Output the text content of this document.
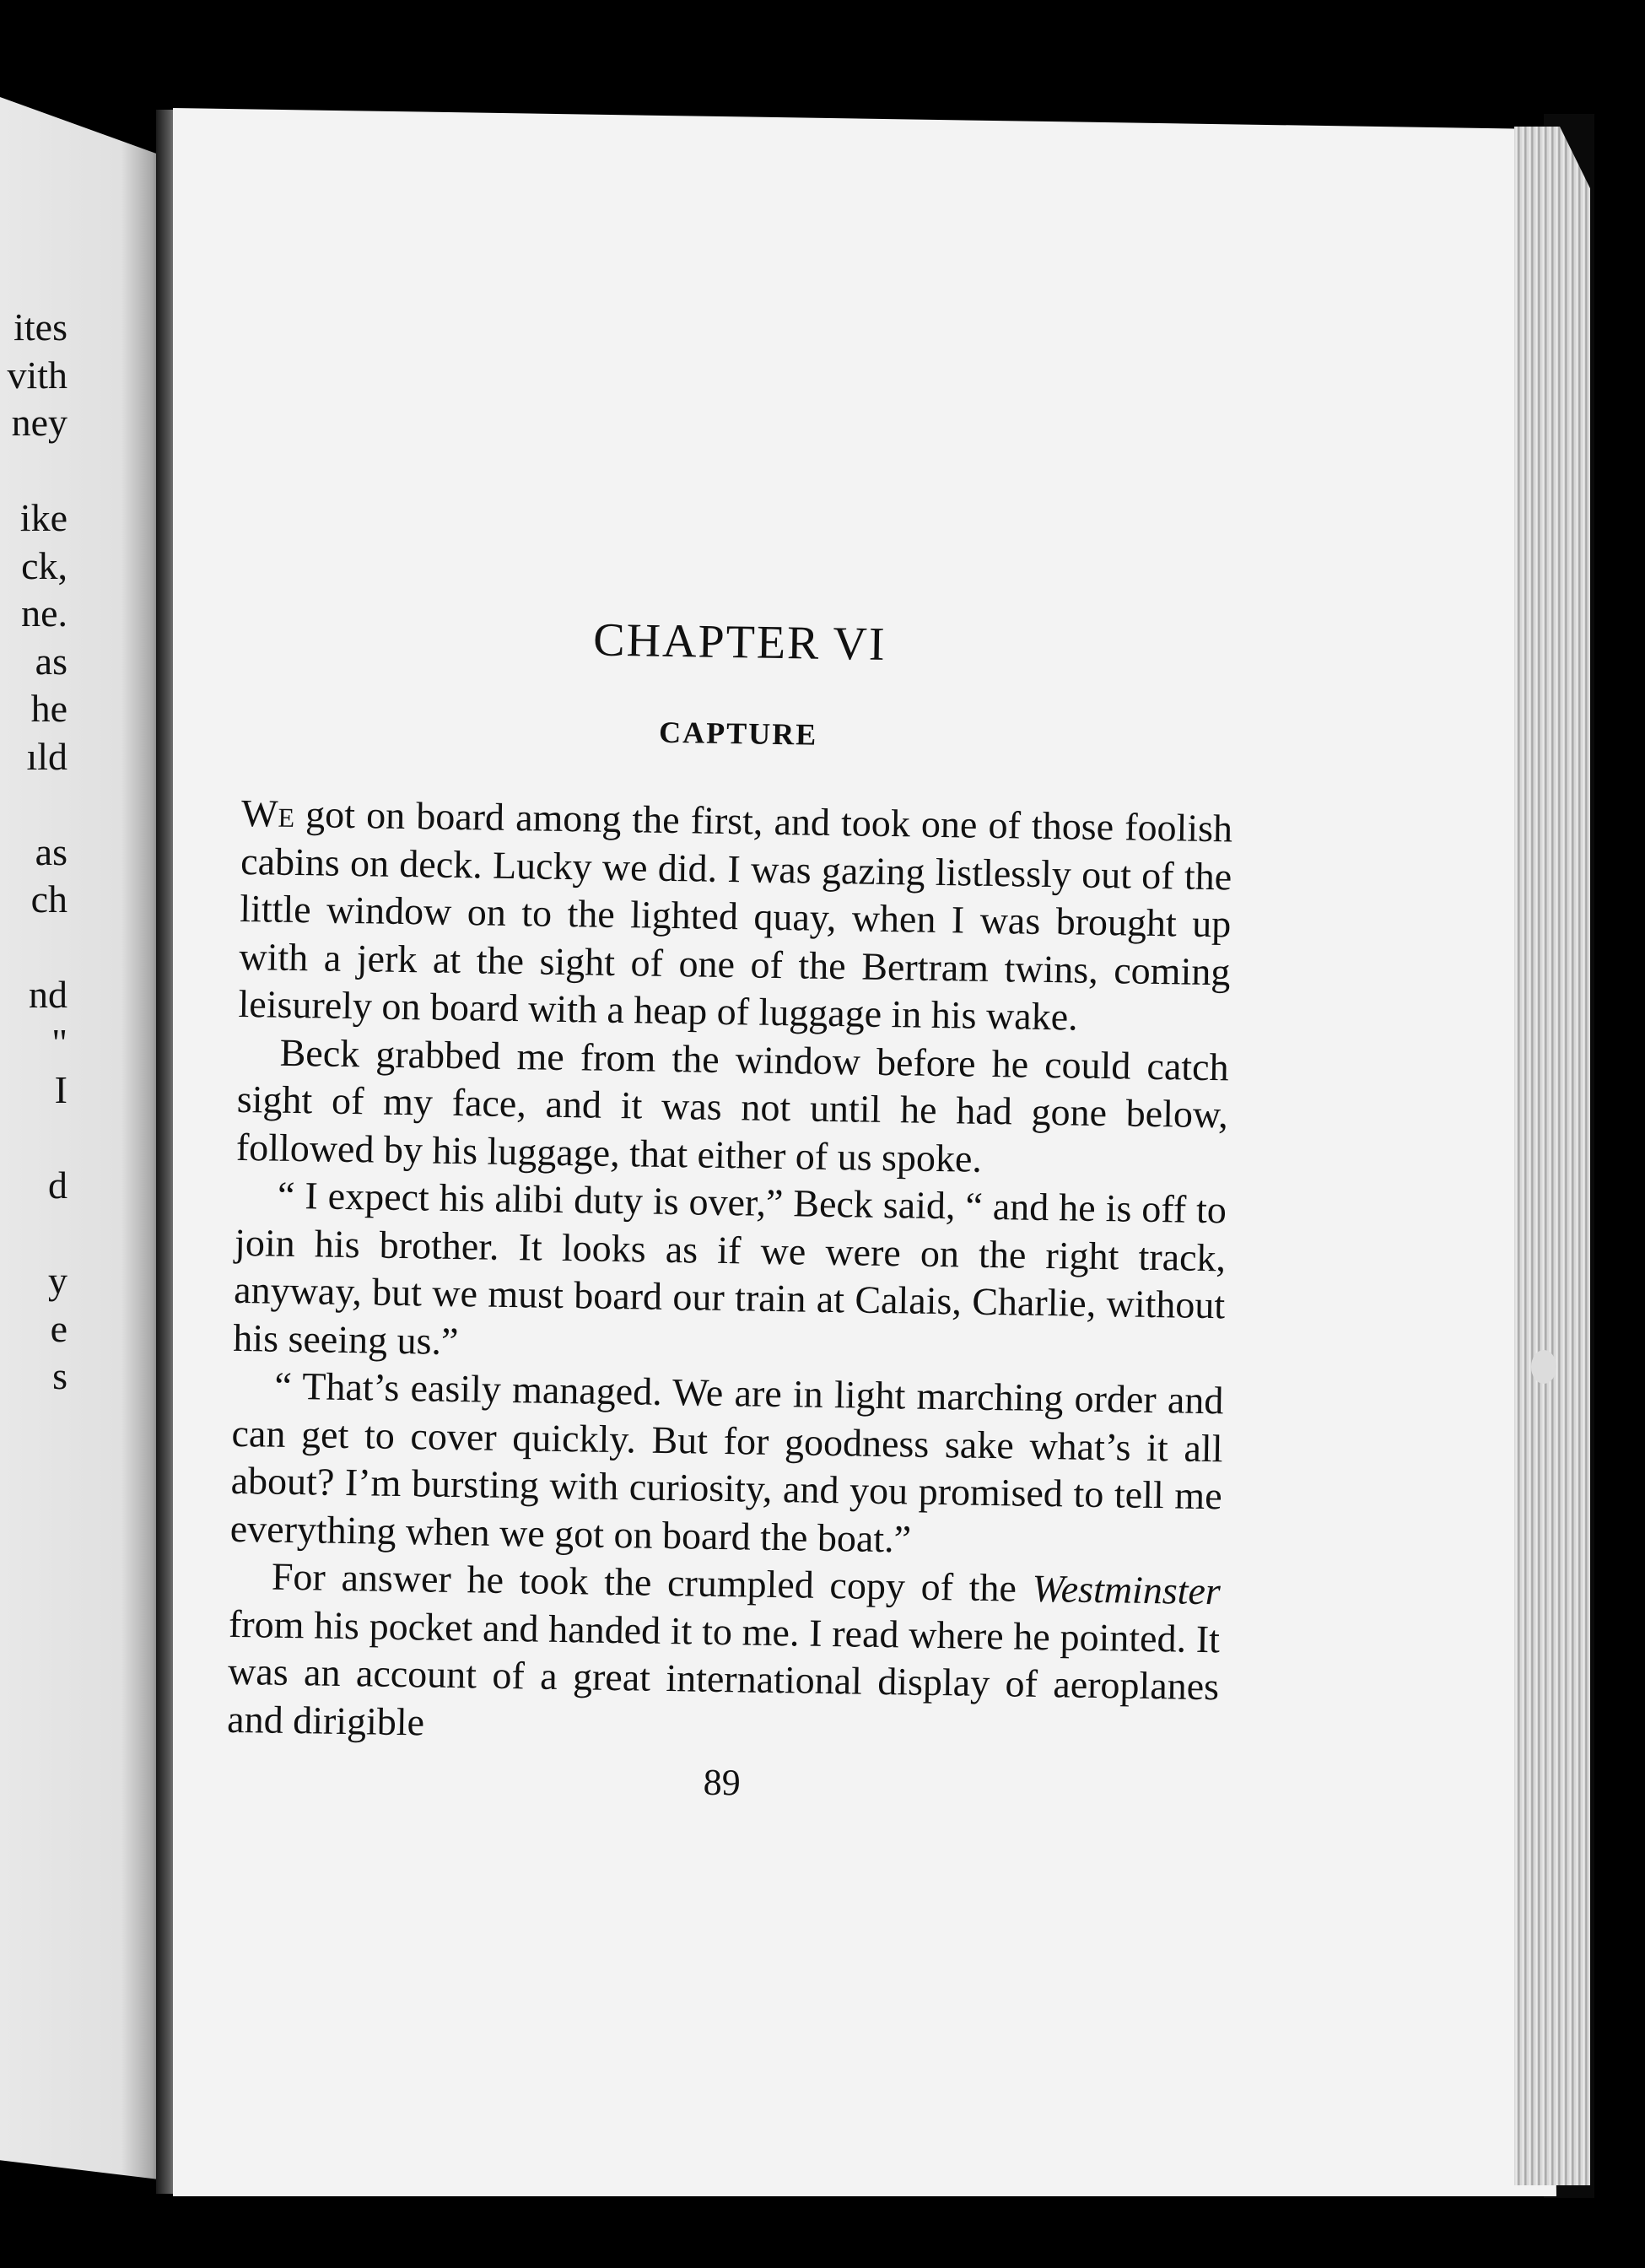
ites
vith
ney
ike
ck,
ne.
as
he
ıld
as
ch
nd
"
I
d
y
e
s
CHAPTER VI
CAPTURE

We got on board among the first, and took one of those foolish cabins on deck. Lucky we did. I was gazing listlessly out of the little window on to the lighted quay, when I was brought up with a jerk at the sight of one of the Bertram twins, coming leisurely on board with a heap of luggage in his wake.

Beck grabbed me from the window before he could catch sight of my face, and it was not until he had gone below, followed by his luggage, that either of us spoke.

“ I expect his alibi duty is over,” Beck said, “ and he is off to join his brother. It looks as if we were on the right track, anyway, but we must board our train at Calais, Charlie, without his seeing us.”

“ That’s easily managed. We are in light marching order and can get to cover quickly. But for goodness sake what’s it all about? I’m bursting with curiosity, and you promised to tell me everything when we got on board the boat.”

For answer he took the crumpled copy of the Westminster from his pocket and handed it to me. I read where he pointed. It was an account of a great international display of aeroplanes and dirigible

89
